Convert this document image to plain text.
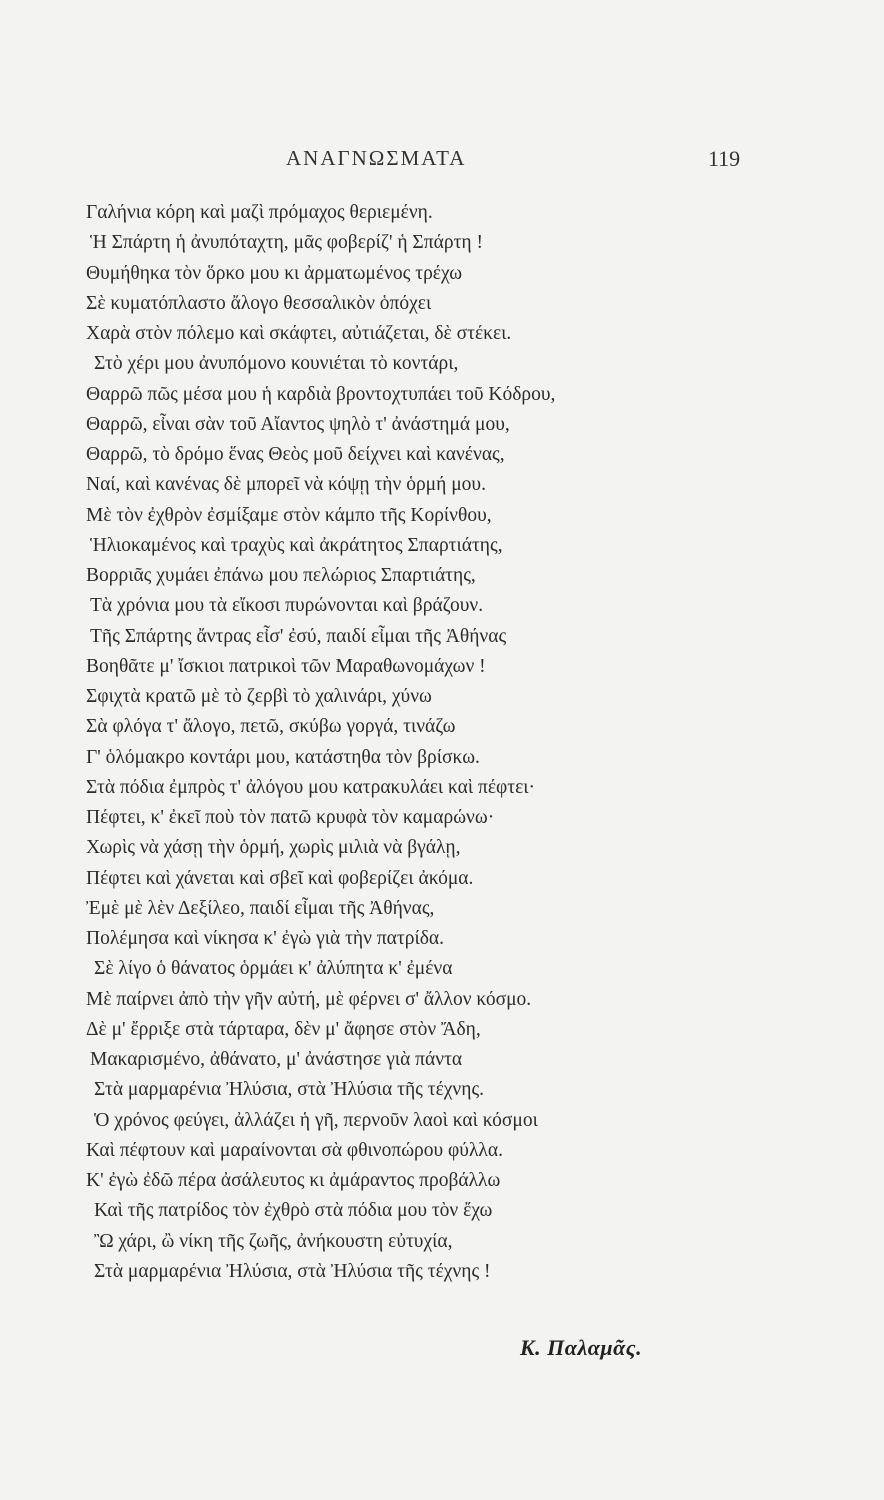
ΑΝΑΓΝΩΣΜΑΤΑ	119
Γαλήνια κόρη καὶ μαζὶ πρόμαχος θεριεμένη.
Ἡ Σπάρτη ἡ ἀνυπόταχτη, μᾶς φοβερίζ' ἡ Σπάρτη !
Θυμήθηκα τὸν ὅρκο μου κι ἀρματωμένος τρέχω
Σὲ κυματόπλαστο ἄλογο θεσσαλικὸν ὁπόχει
Χαρὰ στὸν πόλεμο καὶ σκάφτει, αὐτιάζεται, δὲ στέκει.
Στὸ χέρι μου ἀνυπόμονο κουνιέται τὸ κοντάρι,
Θαρρῶ πῶς μέσα μου ἡ καρδιὰ βροντοχτυπάει τοῦ Κόδρου,
Θαρρῶ, εἶναι σὰν τοῦ Αἴαντος ψηλὸ τ' ἀνάστημά μου,
Θαρρῶ, τὸ δρόμο ἕνας Θεὸς μοῦ δείχνει καὶ κανένας,
Ναί, καὶ κανένας δὲ μπορεῖ νὰ κόψῃ τὴν ὁρμή μου.
Μὲ τὸν ἐχθρὸν ἐσμίξαμε στὸν κάμπο τῆς Κορίνθου,
Ἡλιοκαμένος καὶ τραχὺς καὶ ἀκράτητος Σπαρτιάτης,
Βορριᾶς χυμάει ἐπάνω μου πελώριος Σπαρτιάτης,
Τὰ χρόνια μου τὰ εἴκοσι πυρώνονται καὶ βράζουν.
Τῆς Σπάρτης ἄντρας εἶσ' ἐσύ, παιδί εἶμαι τῆς Ἀθήνας
Βοηθᾶτε μ' ἴσκιοι πατρικοὶ τῶν Μαραθωνομάχων !
Σφιχτὰ κρατῶ μὲ τὸ ζερβὶ τὸ χαλινάρι, χύνω
Σὰ φλόγα τ' ἄλογο, πετῶ, σκύβω γοργά, τινάζω
Γ' ὁλόμακρο κοντάρι μου, κατάστηθα τὸν βρίσκω.
Στὰ πόδια ἐμπρὸς τ' ἀλόγου μου κατρακυλάει καὶ πέφτει·
Πέφτει, κ' ἐκεῖ ποὺ τὸν πατῶ κρυφὰ τὸν καμαρώνω·
Χωρὶς νὰ χάσῃ τὴν ὁρμή, χωρὶς μιλιὰ νὰ βγάλῃ,
Πέφτει καὶ χάνεται καὶ σβεῖ καὶ φοβερίζει ἀκόμα.
Ἐμὲ μὲ λὲν Δεξίλεο, παιδί εἶμαι τῆς Ἀθήνας,
Πολέμησα καὶ νίκησα κ' ἐγὼ γιὰ τὴν πατρίδα.
Σὲ λίγο ὁ θάνατος ὁρμάει κ' ἀλύπητα κ' ἐμένα
Μὲ παίρνει ἀπὸ τὴν γῆν αὐτή, μὲ φέρνει σ' ἄλλον κόσμο.
Δὲ μ' ἔρριξε στὰ τάρταρα, δὲν μ' ἄφησε στὸν Ἄδη,
Μακαρισμένο, ἀθάνατο, μ' ἀνάστησε γιὰ πάντα
Στὰ μαρμαρένια Ἠλύσια, στὰ Ἠλύσια τῆς τέχνης.
Ὁ χρόνος φεύγει, ἀλλάζει ἡ γῆ, περνοῦν λαοὶ καὶ κόσμοι
Καὶ πέφτουν καὶ μαραίνονται σὰ φθινοπώρου φύλλα.
Κ' ἐγὼ ἐδῶ πέρα ἀσάλευτος κι ἀμάραντος προβάλλω
Καὶ τῆς πατρίδος τὸν ἐχθρὸ στὰ πόδια μου τὸν ἔχω
Ὢ χάρι, ὢ νίκη τῆς ζωῆς, ἀνήκουστη εὐτυχία,
Στὰ μαρμαρένια Ἠλύσια, στὰ Ἠλύσια τῆς τέχνης !
Κ. Παλαμᾶς.
